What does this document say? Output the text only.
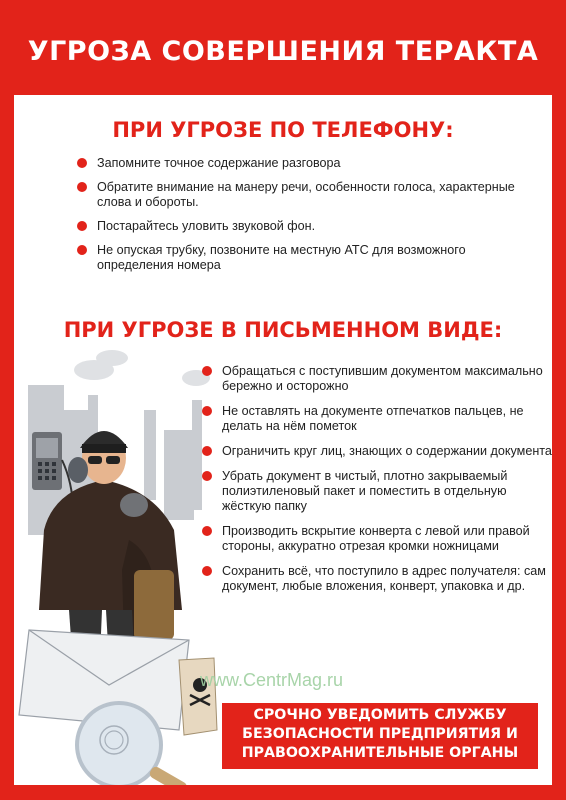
УГРОЗА СОВЕРШЕНИЯ ТЕРАКТА
ПРИ УГРОЗЕ ПО ТЕЛЕФОНУ:
Запомните точное содержание разговора
Обратите внимание на манеру речи, особенности голоса, характерные слова и обороты.
Постарайтесь уловить звуковой фон.
Не опуская трубку, позвоните на местную АТС для возможного определения номера
ПРИ УГРОЗЕ В ПИСЬМЕННОМ ВИДЕ:
Обращаться с поступившим документом максимально бережно и осторожно
Не оставлять на документе отпечатков пальцев, не делать на нём пометок
Ограничить круг лиц, знающих о содержании документа
Убрать документ в чистый, плотно закрываемый полиэтиленовый пакет и поместить в отдельную жёсткую папку
Производить вскрытие конверта с левой или правой стороны, аккуратно отрезая кромки ножницами
Сохранить всё, что поступило в адрес получателя: сам документ, любые вложения, конверт, упаковка и др.
www.CentrMag.ru
СРОЧНО УВЕДОМИТЬ СЛУЖБУ
БЕЗОПАСНОСТИ ПРЕДПРИЯТИЯ И
ПРАВООХРАНИТЕЛЬНЫЕ ОРГАНЫ
